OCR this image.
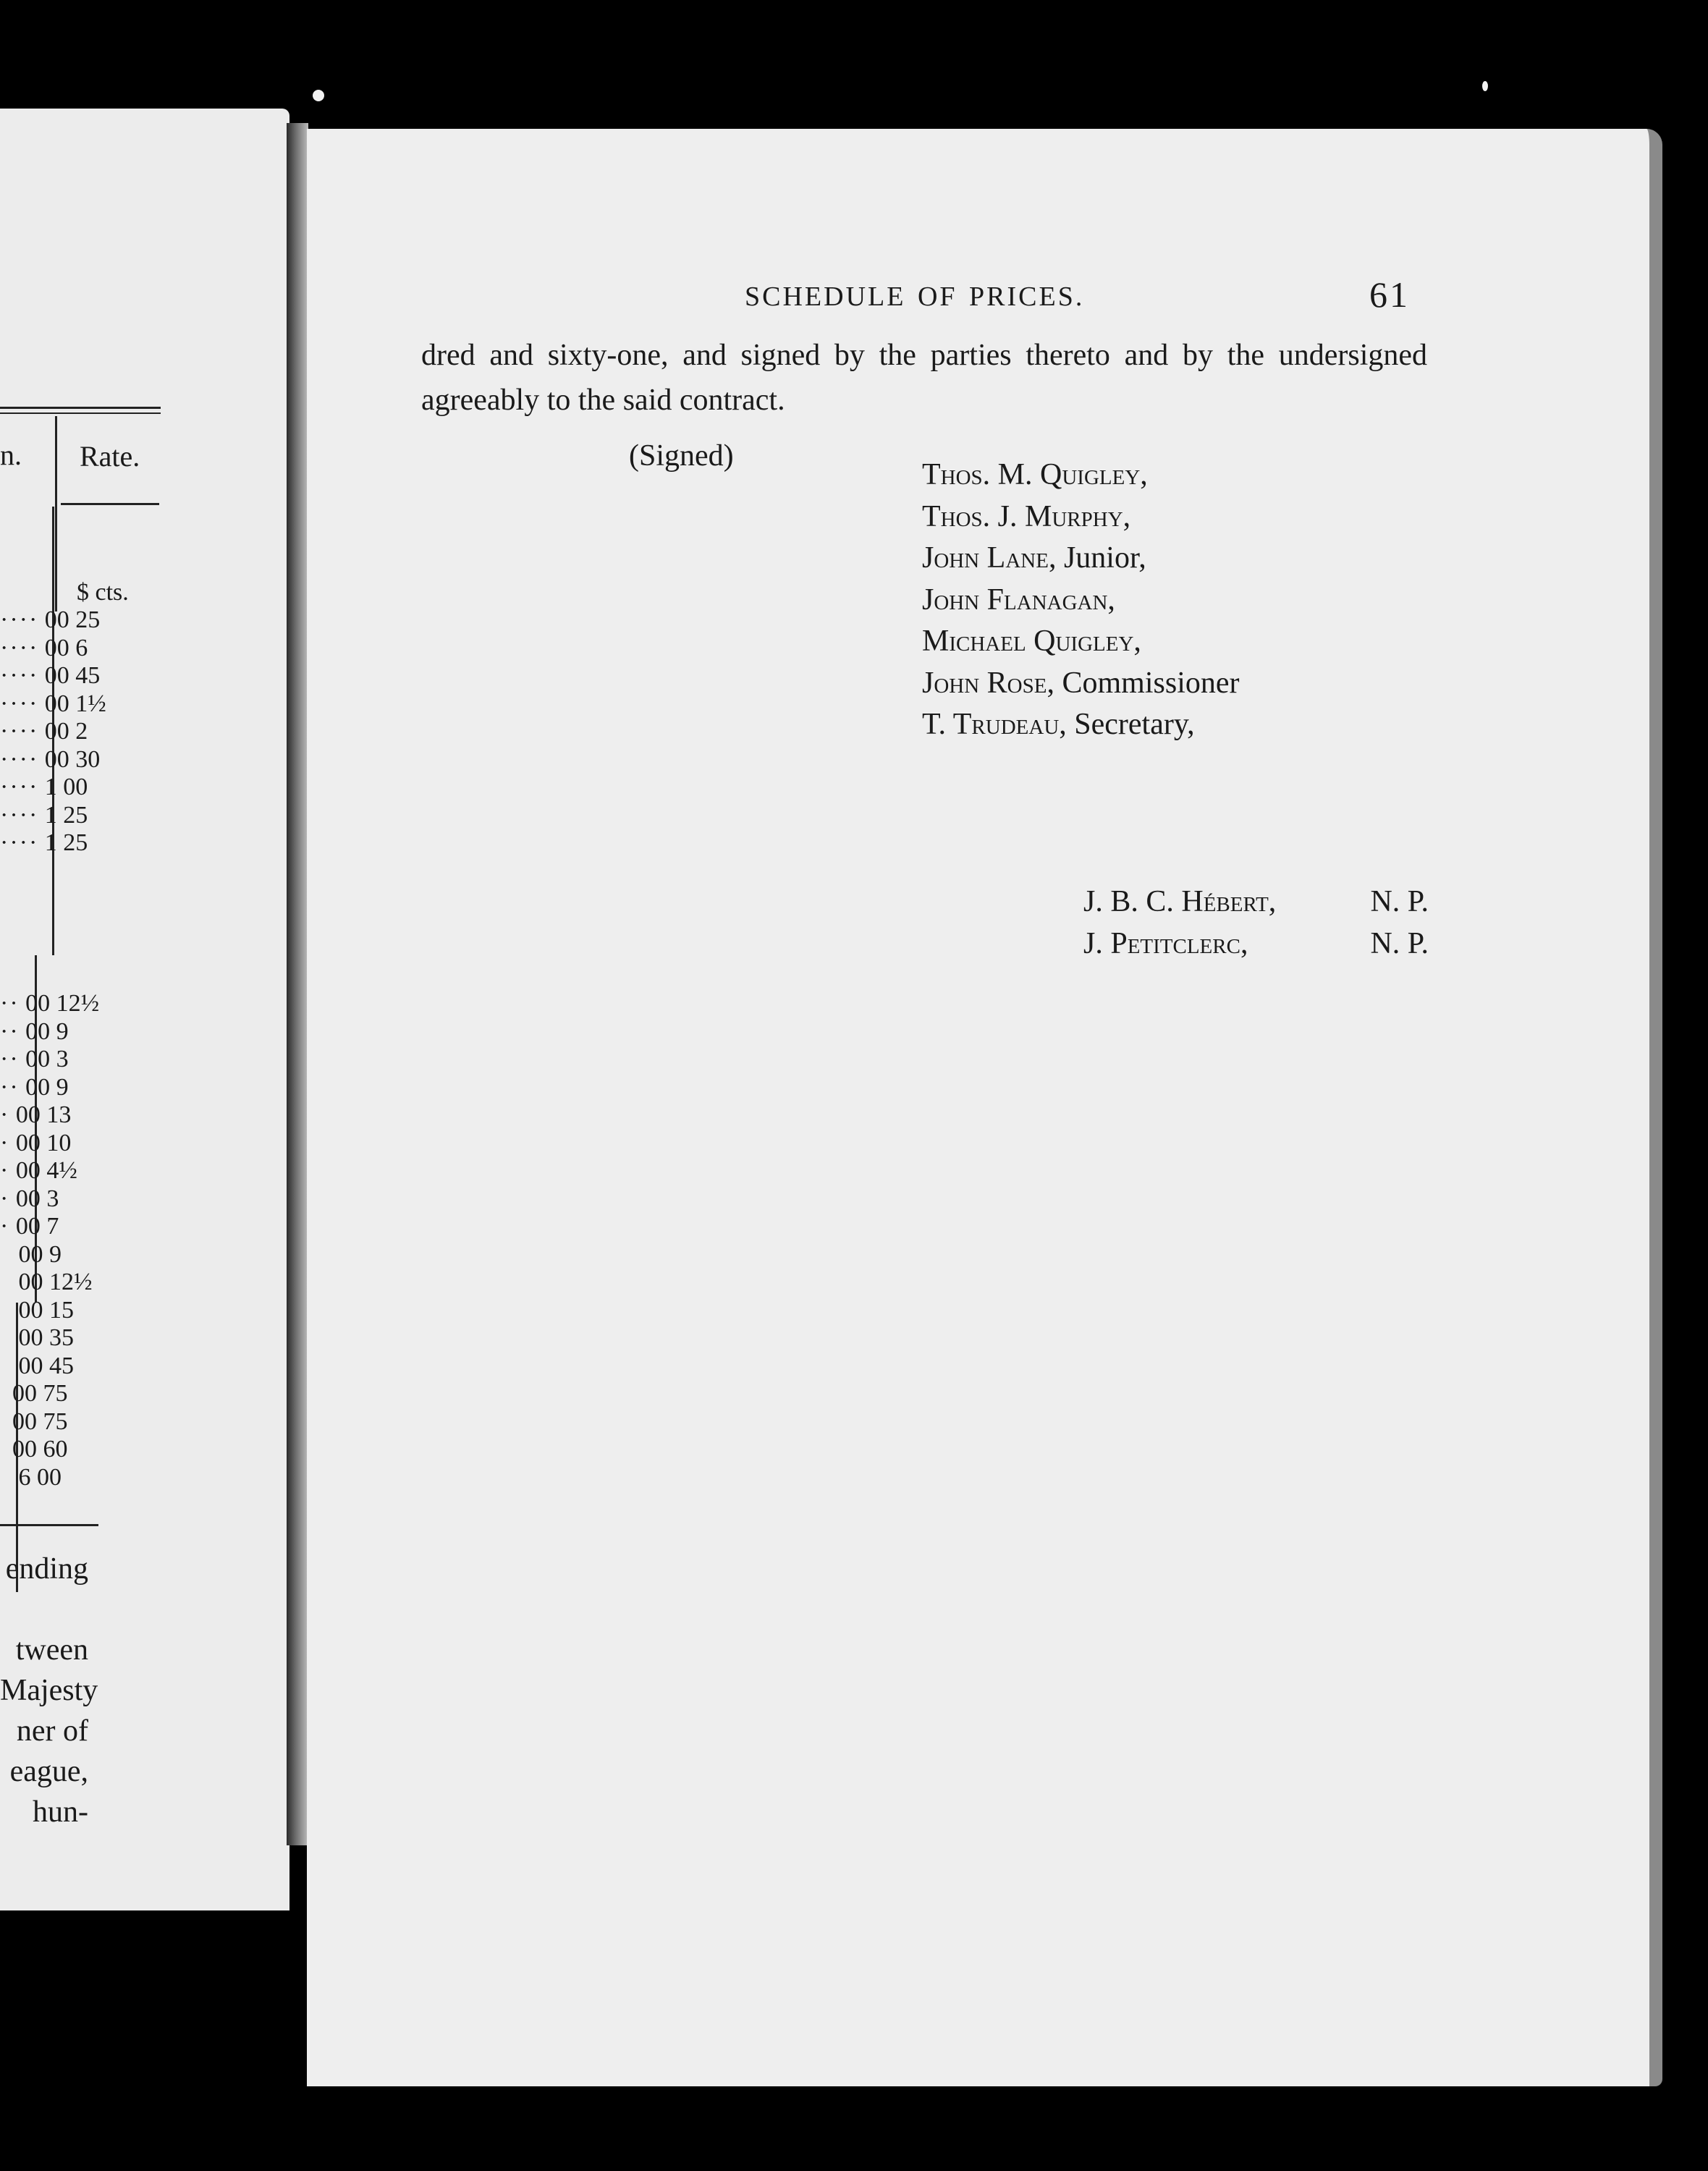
n. Rate.
$ cts.
···· 00 25
···· 00 6
···· 00 45
···· 00 1½
···· 00 2
···· 00 30
···· 1 00
···· 1 25
···· 1 25
·· 00 12½
·· 00 9
·· 00 3
·· 00 9
· 00 13
· 00 10
· 00 4½
· 00 3
· 00 7
00 9
00 12½
00 15
00 35
00 45
00 75
00 75
00 60
6 00
ending

tween
Majesty
ner of
eague,
hun-
SCHEDULE OF PRICES.	61

dred and sixty-one, and signed by the parties thereto and by the undersigned agreeably to the said contract.

(Signed)
Thos. M. Quigley,
Thos. J. Murphy,
John Lane, Junior,
John Flanagan,
Michael Quigley,
John Rose, Commissioner
T. Trudeau, Secretary,
J. B. C. Hébert,	N. P.
J. Petitclerc,	N. P.
